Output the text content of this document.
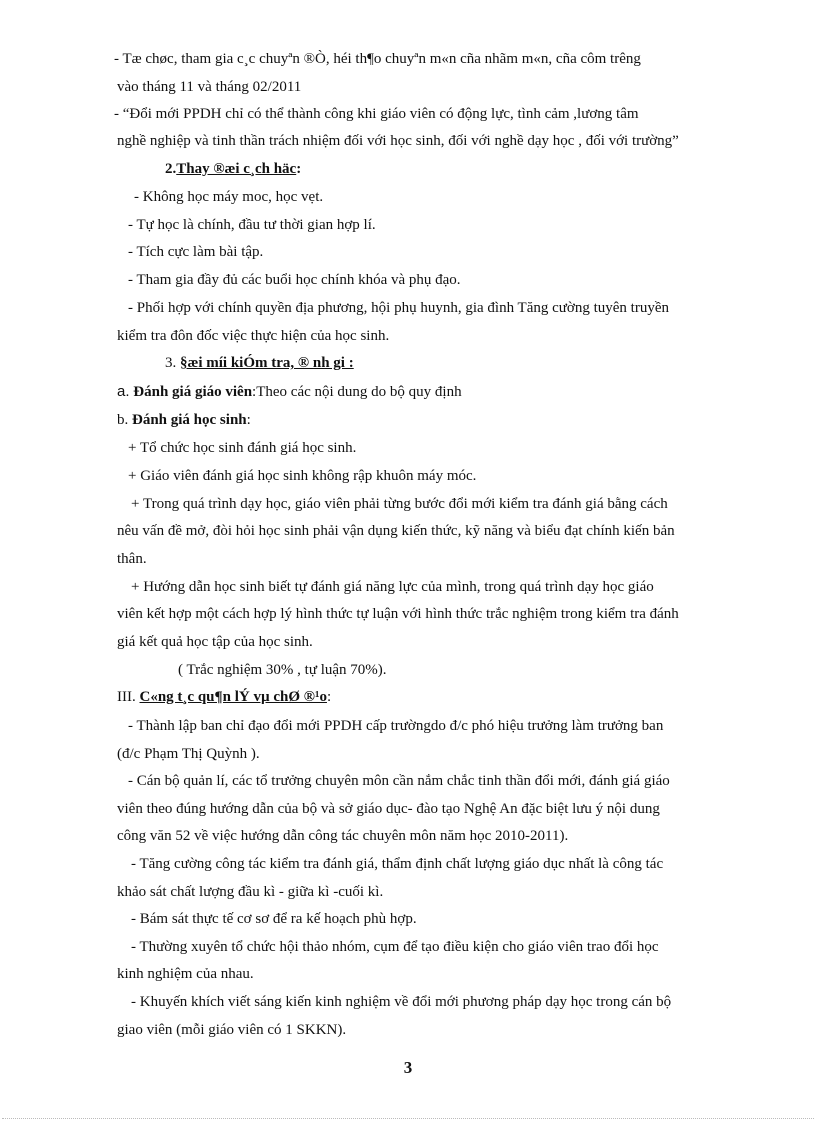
- Tæ chøc, tham gia c¸c chuyªn ®Ò, héi th¶o chuyªn m«n cña nhãm m«n, cña côm trêng
vào tháng 11 và tháng 02/2011
- “Đổi mới PPDH chỉ có thể thành công khi giáo viên có động lực, tình cảm ,lương tâm
nghề nghiệp và tinh thần trách nhiệm đối với học sinh, đối với nghề dạy học , đối với trường”
2.Thay ®æi c¸ch häc:
- Không học máy moc, học vẹt.
- Tự học là chính, đầu tư thời gian hợp lí.
- Tích cực làm bài tập.
- Tham gia đầy đủ các buổi học chính khóa và phụ đạo.
- Phối hợp với chính quyền địa phương, hội phụ huynh, gia đình Tăng cường tuyên truyền
kiểm tra đôn đốc việc thực hiện của học sinh.
3. §æi míi kiÓm tra, ® nh gi :
a. Đánh giá giáo viên:Theo các nội dung do bộ quy định
b. Đánh giá học sinh:
+ Tổ chức học sinh đánh giá học sinh.
+ Giáo viên đánh giá học sinh không rập khuôn máy móc.
+ Trong quá trình dạy học, giáo viên phải từng bước đổi mới kiểm tra đánh giá bằng cách
nêu vấn đề mở, đòi hỏi học sinh phải vận dụng kiến thức, kỹ năng và biểu đạt chính kiến bản
thân.
+ Hướng dẫn học sinh biết tự đánh giá năng lực của mình, trong quá trình dạy học giáo
viên kết hợp một cách hợp lý hình thức tự luận với hình thức trắc nghiệm trong kiểm tra đánh
giá kết quả học tập của học sinh.
( Trắc nghiệm 30% , tự luận 70%).
III. C«ng t¸c qu¶n lÝ vµ chØ ®¹o:
- Thành lập ban chỉ đạo đổi mới PPDH cấp trườngdo đ/c phó hiệu trưởng làm trưởng ban
(đ/c Phạm Thị Quỳnh ).
- Cán bộ quản lí, các tổ trưởng chuyên môn cần nắm chắc tinh thần đổi mới, đánh giá giáo
viên theo đúng hướng dẫn của bộ và sở giáo dục- đào tạo Nghệ An đặc biệt lưu ý nội dung
công văn 52 về việc hướng dẫn công tác chuyên môn năm học 2010-2011).
- Tăng cường công tác kiểm tra đánh giá, thẩm định chất lượng giáo dục nhất là công tác
khảo sát chất lượng đầu kì - giữa kì -cuối kì.
- Bám sát thực tế cơ sơ để ra kế hoạch phù hợp.
- Thường xuyên tổ chức hội thảo nhóm, cụm để tạo điều kiện cho giáo viên trao đổi học
kinh nghiệm của nhau.
- Khuyến khích viết sáng kiến kinh nghiệm về đổi mới phương pháp dạy học trong cán bộ
giao viên (mỗi giáo viên có 1 SKKN).
3
